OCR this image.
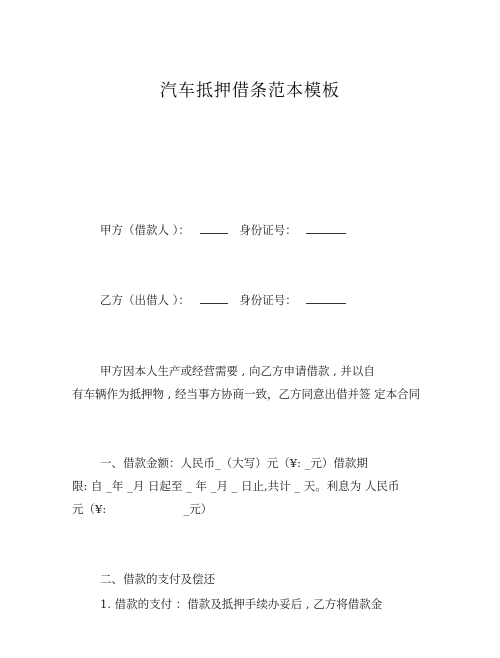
汽车抵押借条范本模板
甲方（借款人 ）：	身份证号：
乙方（出借人 ）：	身份证号：
甲方因本人生产或经营需要 , 向乙方申请借款 , 并以自
有车辆作为抵押物 , 经当事方协商一致，乙方同意出借并签 定本合同
一、借款金额：人民币_（大写）元（¥: _元）借款期
限: 自 _年 _月 日起至 _ 年 _月 _ 日止,共计 _ 天。利息为 人民币
元（¥:	_元）
二、借款的支付及偿还
1. 借款的支付 ：借款及抵押手续办妥后 , 乙方将借款金
